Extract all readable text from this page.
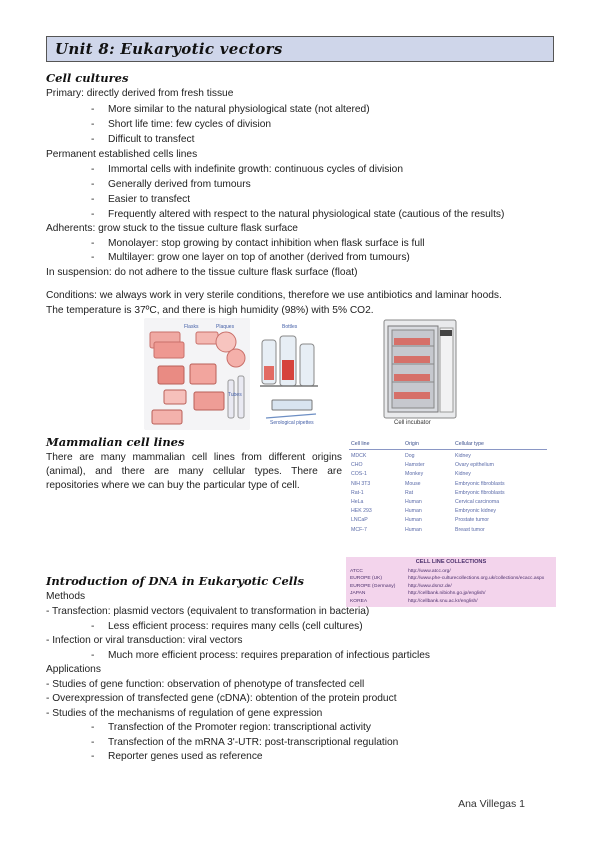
Unit 8: Eukaryotic vectors
Cell cultures
Primary: directly derived from fresh tissue
- More similar to the natural physiological state (not altered)
- Short life time: few cycles of division
- Difficult to transfect
Permanent established cells lines
- Immortal cells with indefinite growth: continuous cycles of division
- Generally derived from tumours
- Easier to transfect
- Frequently altered with respect to the natural physiological state (cautious of the results)
Adherents: grow stuck to the tissue culture flask surface
- Monolayer: stop growing by contact inhibition when flask surface is full
- Multilayer: grow one layer on top of another (derived from tumours)
In suspension: do not adhere to the tissue culture flask surface (float)
Conditions: we always work in very sterile conditions, therefore we use antibiotics and laminar hoods.
The temperature is 37ºC, and there is high humidity (98%) with 5% CO2.
Flasks	Plaques
Tubes
Bottles
Serological pipettes	Cell incubator
Mammalian cell lines
There are many mammalian cell lines from different origins (animal), and there are many cellular types. There are repositories where we can buy the particular type of cell.
Cell line	Origin	Cellular type
MDCK	Dog	Kidney
CHO	Hamster	Ovary epithelium
COS-1	Monkey	Kidney
NIH 3T3	Mouse	Embryonic fibroblasts
Rat-1	Rat	Embryonic fibroblasts
HeLa	Human	Cervical carcinoma
HEK 293	Human	Embryonic kidney
LNCaP	Human	Prostate tumor
MCF-7	Human	Breast tumor
CELL LINE COLLECTIONS
ATCC	http://www.atcc.org/
EUROPE (UK)	http://www.phe-culturecollections.org.uk/collections/ecacc.aspx
EUROPE (Germany)	http://www.dsmz.de/
JAPAN	http://cellbank.nibiohn.go.jp/english/
KOREA	http://cellbank.snu.ac.kr/english/
Introduction of DNA in Eukaryotic Cells
Methods
- Transfection: plasmid vectors (equivalent to transformation in bacteria)
- Less efficient process: requires many cells (cell cultures)
- Infection or viral transduction: viral vectors
- Much more efficient process: requires preparation of infectious particles
Applications
- Studies of gene function: observation of phenotype of transfected cell
- Overexpression of transfected gene (cDNA): obtention of the protein product
- Studies of the mechanisms of regulation of gene expression
- Transfection of the Promoter region: transcriptional activity
- Transfection of the mRNA 3'-UTR: post-transcriptional regulation
- Reporter genes used as reference
Ana Villegas 1
